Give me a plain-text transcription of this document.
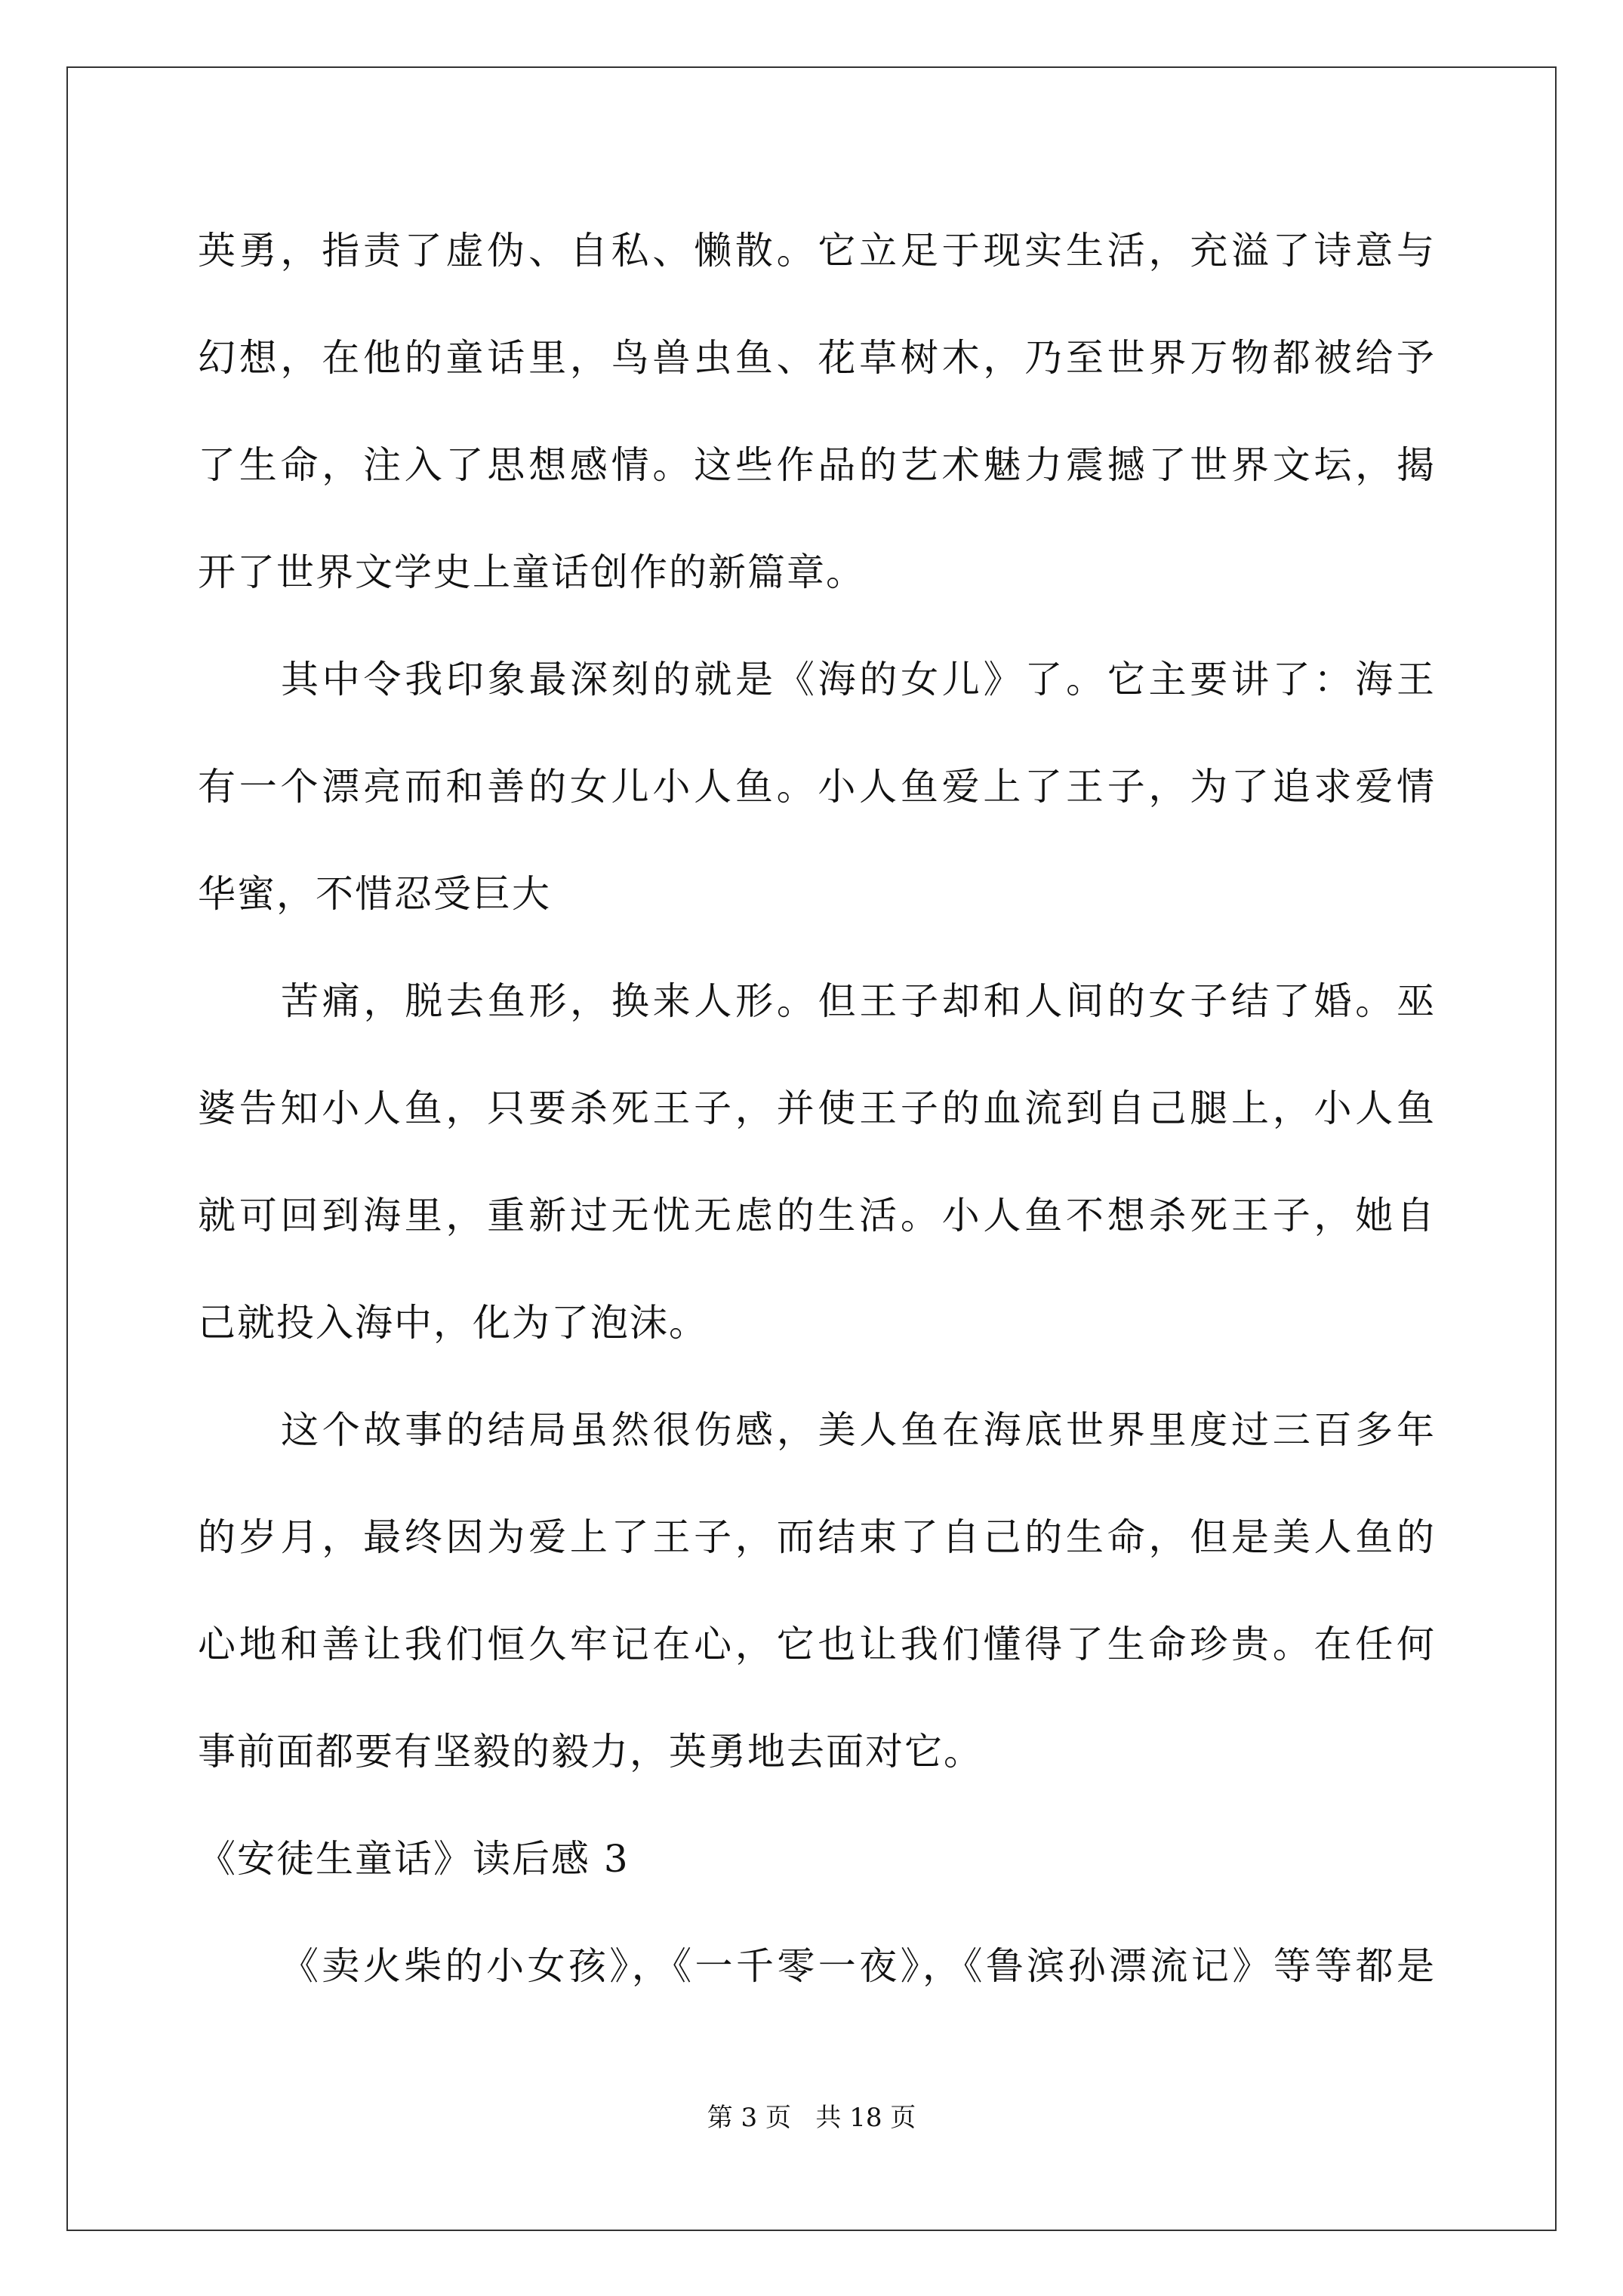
英勇，指责了虚伪、自私、懒散。它立足于现实生活，充溢了诗意与
幻想，在他的童话里，鸟兽虫鱼、花草树木，乃至世界万物都被给予
了生命，注入了思想感情。这些作品的艺术魅力震撼了世界文坛，揭
开了世界文学史上童话创作的新篇章。
其中令我印象最深刻的就是《海的女儿》了。它主要讲了：海王
有一个漂亮而和善的女儿小人鱼。小人鱼爱上了王子，为了追求爱情
华蜜，不惜忍受巨大
苦痛，脱去鱼形，换来人形。但王子却和人间的女子结了婚。巫
婆告知小人鱼，只要杀死王子，并使王子的血流到自己腿上，小人鱼
就可回到海里，重新过无忧无虑的生活。小人鱼不想杀死王子，她自
己就投入海中，化为了泡沫。
这个故事的结局虽然很伤感，美人鱼在海底世界里度过三百多年
的岁月，最终因为爱上了王子，而结束了自己的生命，但是美人鱼的
心地和善让我们恒久牢记在心，它也让我们懂得了生命珍贵。在任何
事前面都要有坚毅的毅力，英勇地去面对它。
《安徒生童话》读后感 3
《卖火柴的小女孩》，《一千零一夜》，《鲁滨孙漂流记》等等都是
第 3 页   共 18 页
